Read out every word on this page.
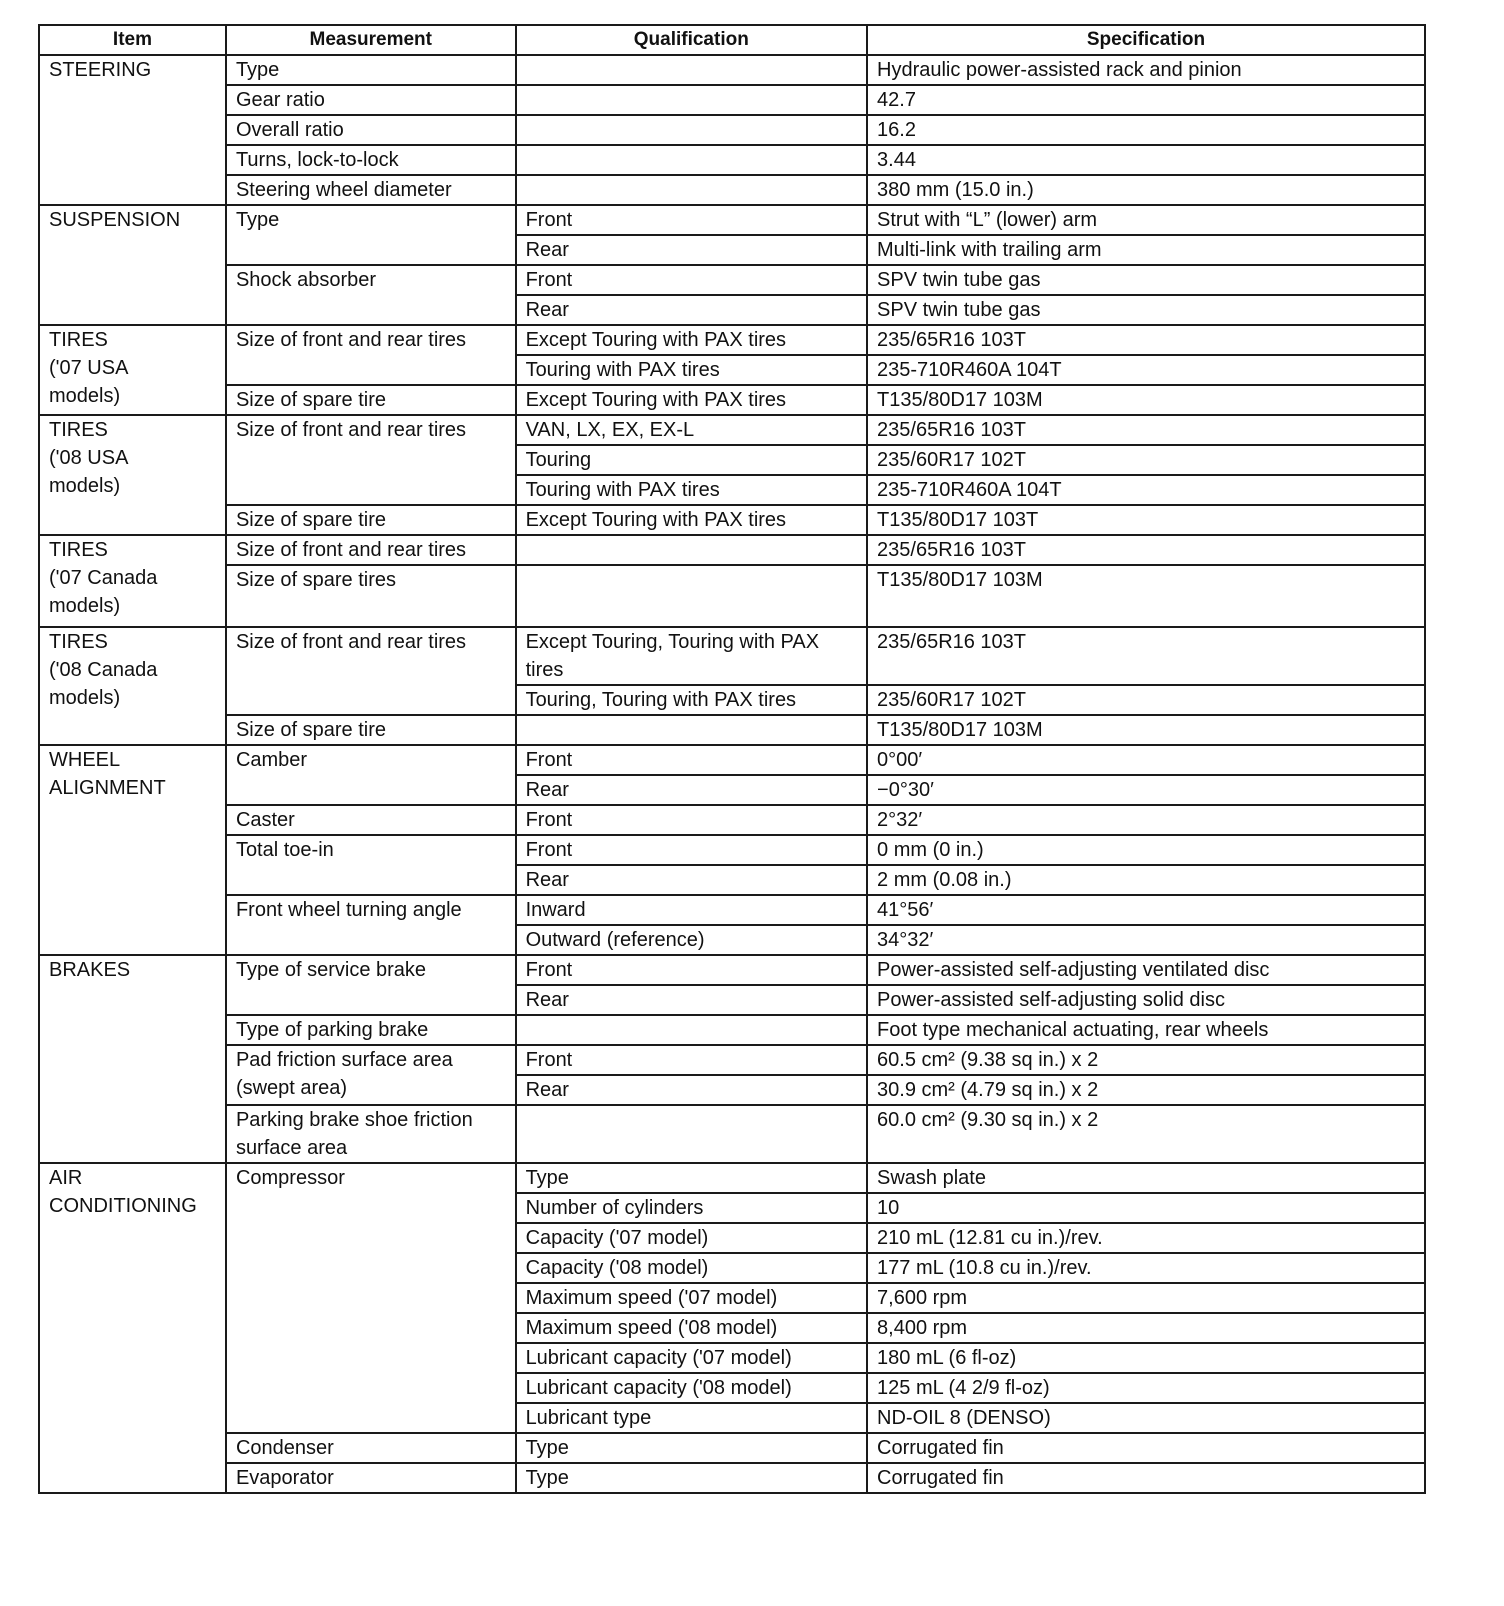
Item	Measurement	Qualification	Specification
STEERING	Type		Hydraulic power-assisted rack and pinion
	Gear ratio		42.7
	Overall ratio		16.2
	Turns, lock-to-lock		3.44
	Steering wheel diameter		380 mm (15.0 in.)
SUSPENSION	Type	Front	Strut with “L” (lower) arm
		Rear	Multi-link with trailing arm
	Shock absorber	Front	SPV twin tube gas
		Rear	SPV twin tube gas
TIRES
('07 USA
models)	Size of front and rear tires	Except Touring with PAX tires	235/65R16 103T
		Touring with PAX tires	235-710R460A 104T
	Size of spare tire	Except Touring with PAX tires	T135/80D17 103M
TIRES
('08 USA
models)	Size of front and rear tires	VAN, LX, EX, EX-L	235/65R16 103T
		Touring	235/60R17 102T
		Touring with PAX tires	235-710R460A 104T
	Size of spare tire	Except Touring with PAX tires	T135/80D17 103T
TIRES
('07 Canada
models)	Size of front and rear tires		235/65R16 103T
	Size of spare tires		T135/80D17 103M
TIRES
('08 Canada
models)	Size of front and rear tires	Except Touring, Touring with PAX tires	235/65R16 103T
		Touring, Touring with PAX tires	235/60R17 102T
	Size of spare tire		T135/80D17 103M
WHEEL
ALIGNMENT	Camber	Front	0°00′
		Rear	−0°30′
	Caster	Front	2°32′
	Total toe-in	Front	0 mm (0 in.)
		Rear	2 mm (0.08 in.)
	Front wheel turning angle	Inward	41°56′
		Outward (reference)	34°32′
BRAKES	Type of service brake	Front	Power-assisted self-adjusting ventilated disc
		Rear	Power-assisted self-adjusting solid disc
	Type of parking brake		Foot type mechanical actuating, rear wheels
	Pad friction surface area
(swept area)	Front	60.5 cm² (9.38 sq in.) x 2
		Rear	30.9 cm² (4.79 sq in.) x 2
	Parking brake shoe friction
surface area		60.0 cm² (9.30 sq in.) x 2
AIR
CONDITIONING	Compressor	Type	Swash plate
		Number of cylinders	10
		Capacity ('07 model)	210 mL (12.81 cu in.)/rev.
		Capacity ('08 model)	177 mL (10.8 cu in.)/rev.
		Maximum speed ('07 model)	7,600 rpm
		Maximum speed ('08 model)	8,400 rpm
		Lubricant capacity ('07 model)	180 mL (6 fl-oz)
		Lubricant capacity ('08 model)	125 mL (4 2/9 fl-oz)
		Lubricant type	ND-OIL 8 (DENSO)
	Condenser	Type	Corrugated fin
	Evaporator	Type	Corrugated fin
